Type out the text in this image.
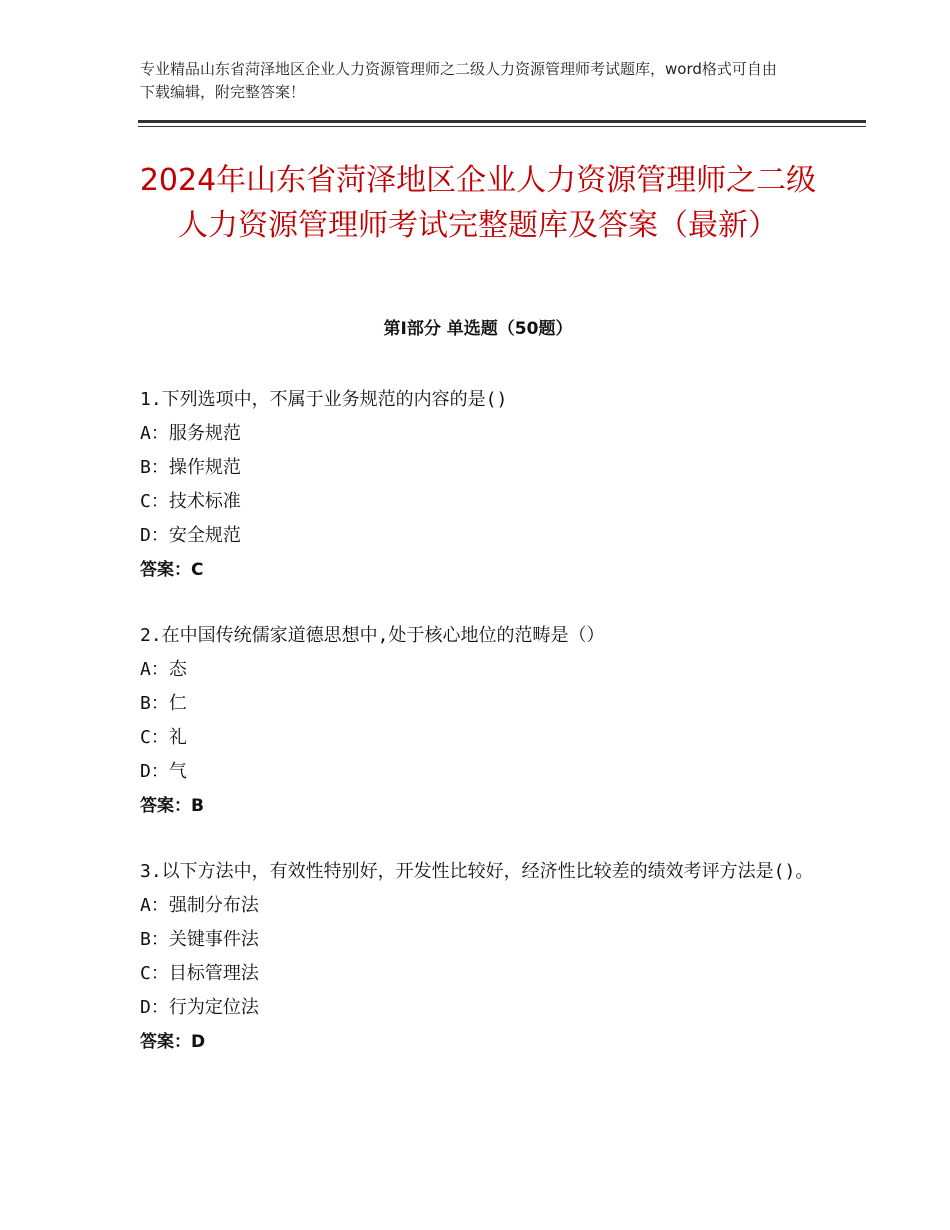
专业精品山东省菏泽地区企业人力资源管理师之二级人力资源管理师考试题库，word格式可自由下载编辑，附完整答案！
2024年山东省菏泽地区企业人力资源管理师之二级人力资源管理师考试完整题库及答案（最新）
第Ⅰ部分 单选题（50题）

1.下列选项中，不属于业务规范的内容的是()

A：服务规范

B：操作规范

C：技术标准

D：安全规范

答案：C

2.在中国传统儒家道德思想中,处于核心地位的范畴是（）

A：态

B：仁

C：礼

D：气

答案：B

3.以下方法中，有效性特别好，开发性比较好，经济性比较差的绩效考评方法是()。

A：强制分布法

B：关键事件法

C：目标管理法

D：行为定位法

答案：D
